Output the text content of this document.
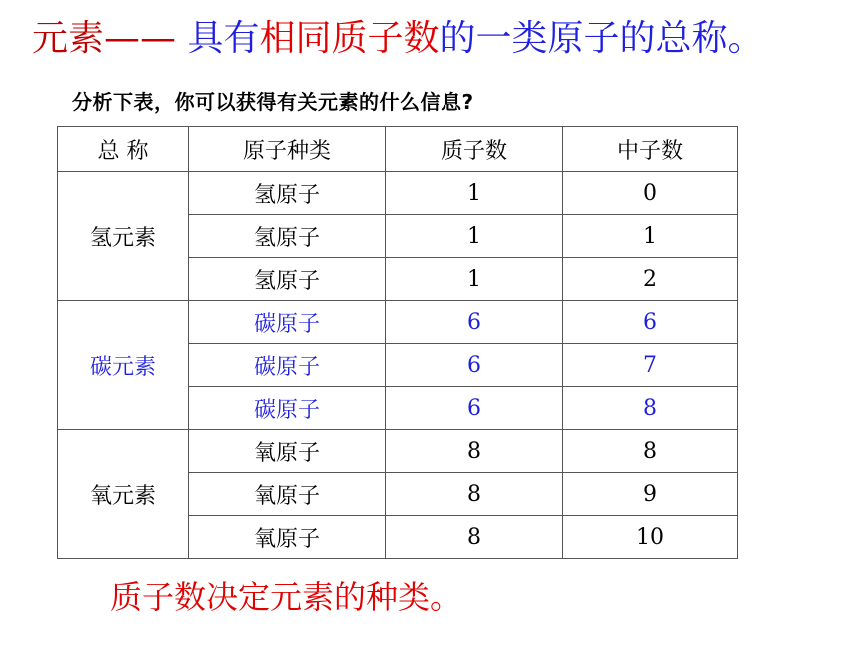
元素—— 具有相同质子数的一类原子的总称。
分析下表，你可以获得有关元素的什么信息?
总 称	原子种类	质子数	中子数
氢元素	氢原子	1	0
	氢原子	1	1
	氢原子	1	2
碳元素	碳原子	6	6
	碳原子	6	7
	碳原子	6	8
氧元素	氧原子	8	8
	氧原子	8	9
	氧原子	8	10
质子数决定元素的种类。
